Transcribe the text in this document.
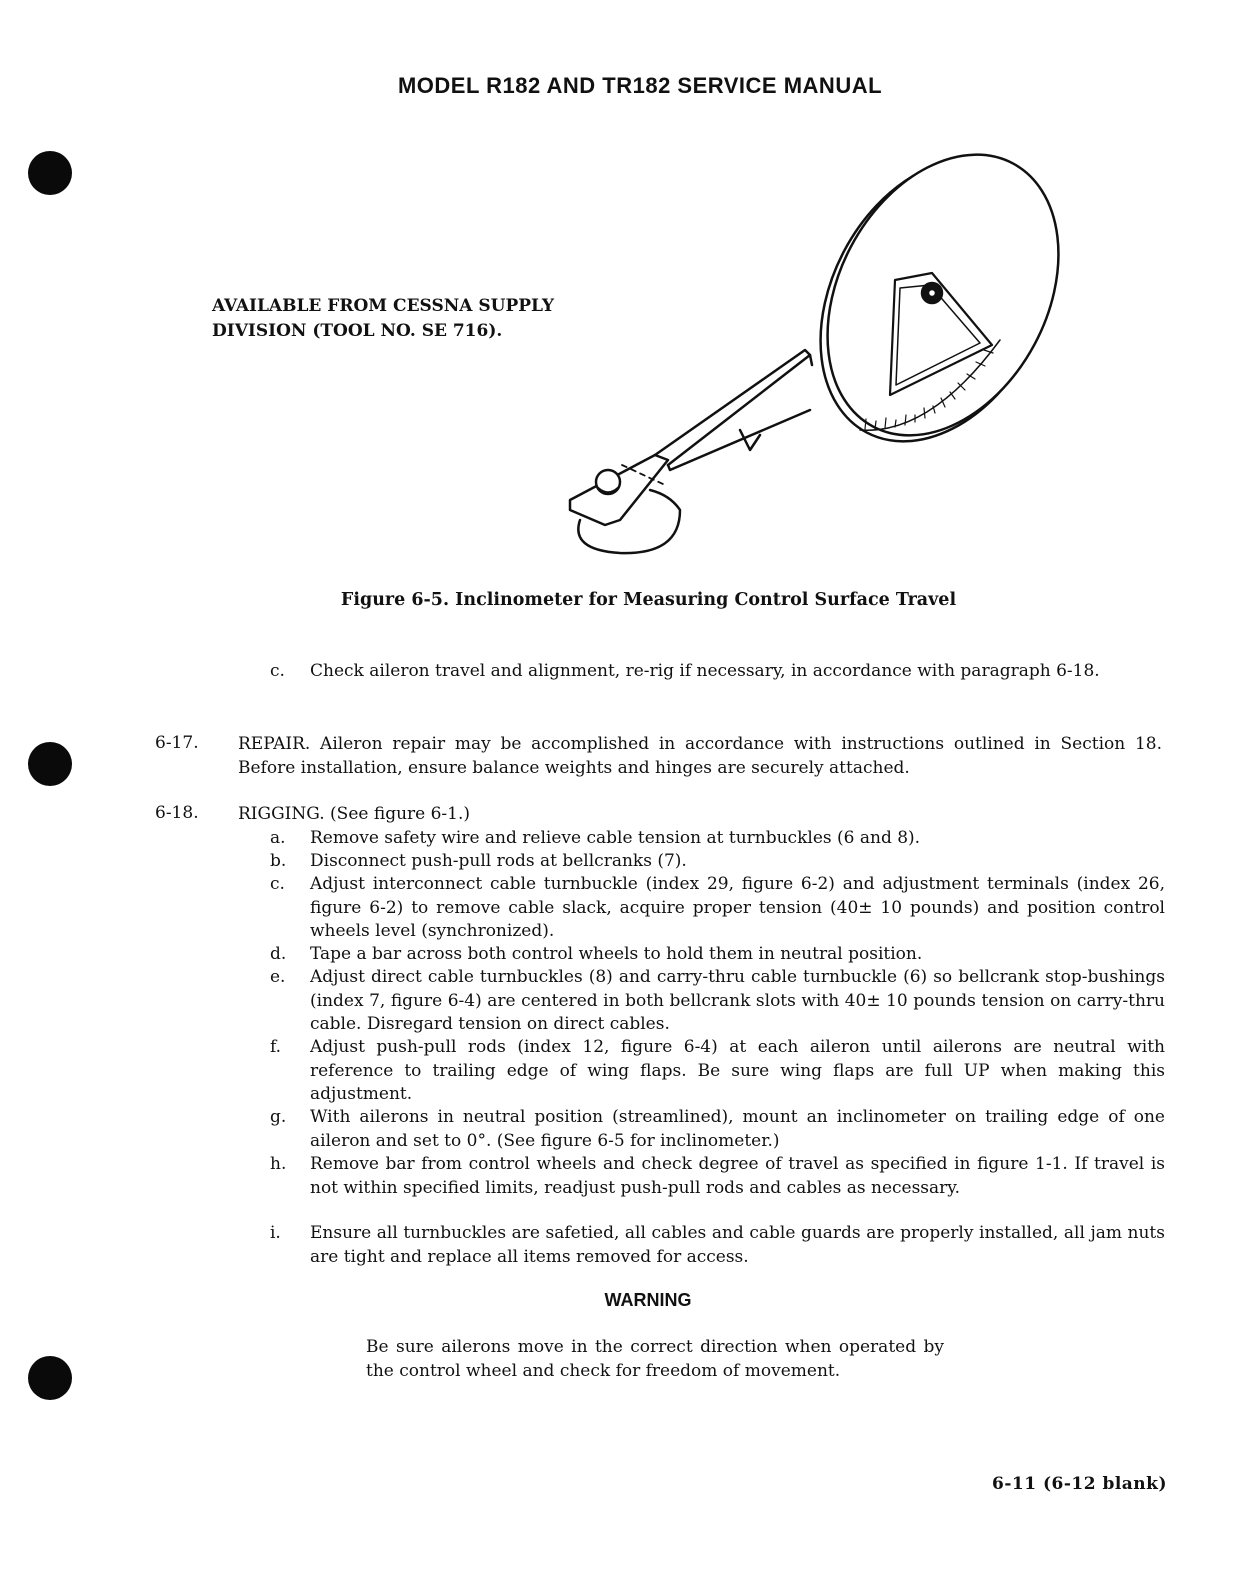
MODEL R182 AND TR182 SERVICE MANUAL
AVAILABLE FROM CESSNA SUPPLY
DIVISION (TOOL NO. SE 716).
Figure 6-5. Inclinometer for Measuring Control Surface Travel
c.	Check aileron travel and alignment, re-rig if necessary, in accordance with paragraph 6-18.
6-17. REPAIR. Aileron repair may be accomplished in accordance with instructions outlined in Section 18. Before installation, ensure balance weights and hinges are securely attached.
6-18. RIGGING. (See figure 6-1.)
a.	Remove safety wire and relieve cable tension at turnbuckles (6 and 8).
b.	Disconnect push-pull rods at bellcranks (7).
c.	Adjust interconnect cable turnbuckle (index 29, figure 6-2) and adjustment terminals (index 26, figure 6-2) to remove cable slack, acquire proper tension (40± 10 pounds) and position control wheels level (synchronized).
d.	Tape a bar across both control wheels to hold them in neutral position.
e.	Adjust direct cable turnbuckles (8) and carry-thru cable turnbuckle (6) so bellcrank stop-bushings (index 7, figure 6-4) are centered in both bellcrank slots with 40± 10 pounds tension on carry-thru cable. Disregard tension on direct cables.
f.	Adjust push-pull rods (index 12, figure 6-4) at each aileron until ailerons are neutral with reference to trailing edge of wing flaps. Be sure wing flaps are full UP when making this adjustment.
g.	With ailerons in neutral position (streamlined), mount an inclinometer on trailing edge of one aileron and set to 0°. (See figure 6-5 for inclinometer.)
h.	Remove bar from control wheels and check degree of travel as specified in figure 1-1. If travel is not within specified limits, readjust push-pull rods and cables as necessary.
i.	Ensure all turnbuckles are safetied, all cables and cable guards are properly installed, all jam nuts are tight and replace all items removed for access.
WARNING
Be sure ailerons move in the correct direction when operated by the control wheel and check for freedom of movement.
6-11 (6-12 blank)
